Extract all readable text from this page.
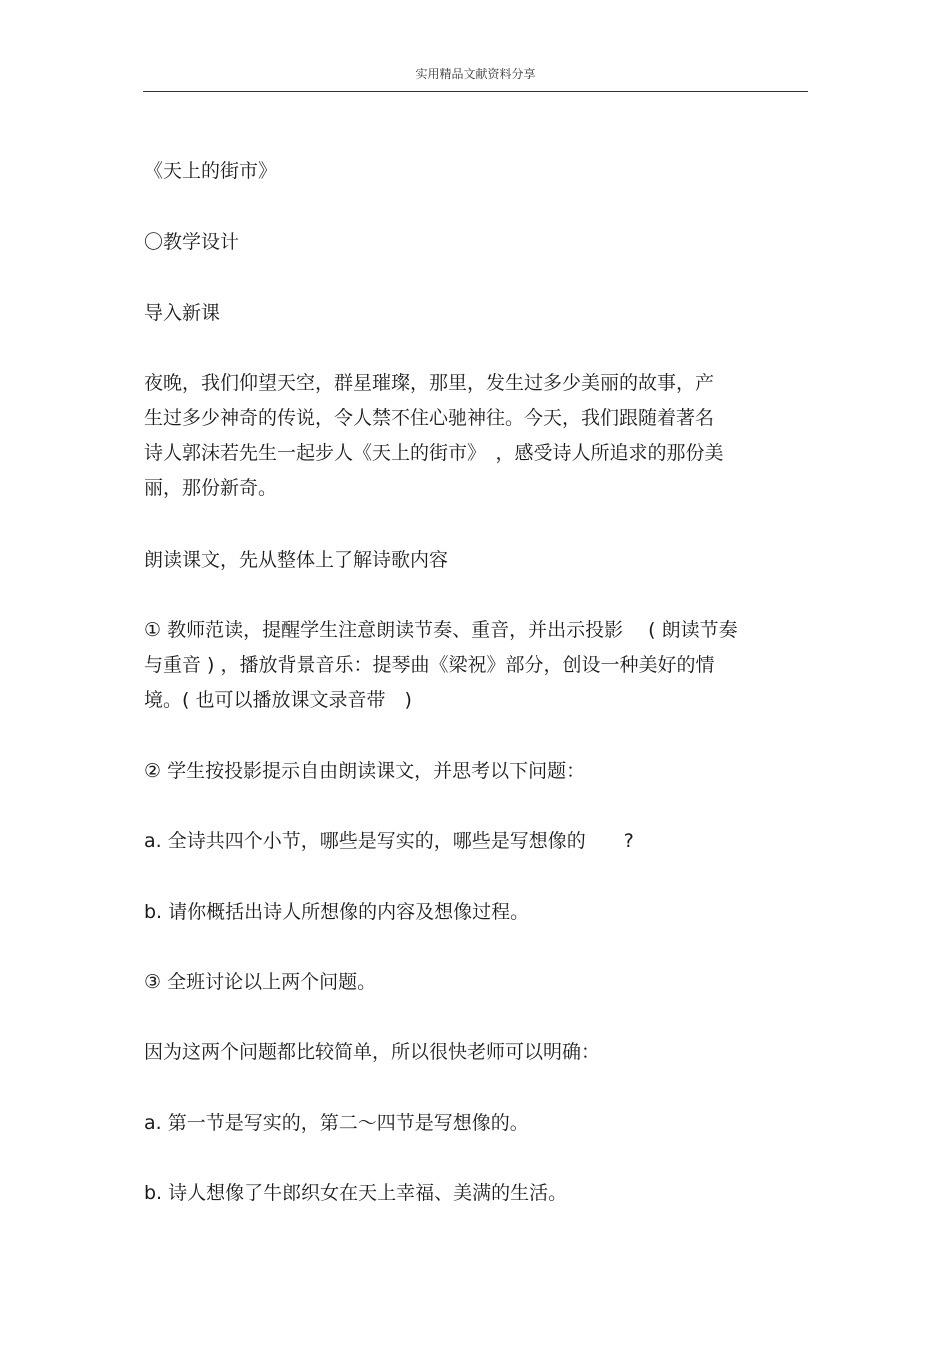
实用精品文献资料分享
《天上的街市》
〇教学设计
导入新课
夜晚，我们仰望天空，群星璀璨，那里，发生过多少美丽的故事，产
生过多少神奇的传说，令人禁不住心驰神往。今天，我们跟随着著名
诗人郭沫若先生一起步人《天上的街市》　，感受诗人所追求的那份美
丽，那份新奇。
朗读课文，先从整体上了解诗歌内容
① 教师范读，提醒学生注意朗读节奏、重音，并出示投影　 ( 朗读节奏
与重音 ) ，播放背景音乐：提琴曲《梁祝》部分，创设一种美好的情
境。( 也可以播放课文录音带　)
② 学生按投影提示自由朗读课文，并思考以下问题：
a. 全诗共四个小节，哪些是写实的，哪些是写想像的　　?
b. 请你概括出诗人所想像的内容及想像过程。
③ 全班讨论以上两个问题。
因为这两个问题都比较简单，所以很快老师可以明确：
a. 第一节是写实的，第二～四节是写想像的。
b. 诗人想像了牛郎织女在天上幸福、美满的生活。
